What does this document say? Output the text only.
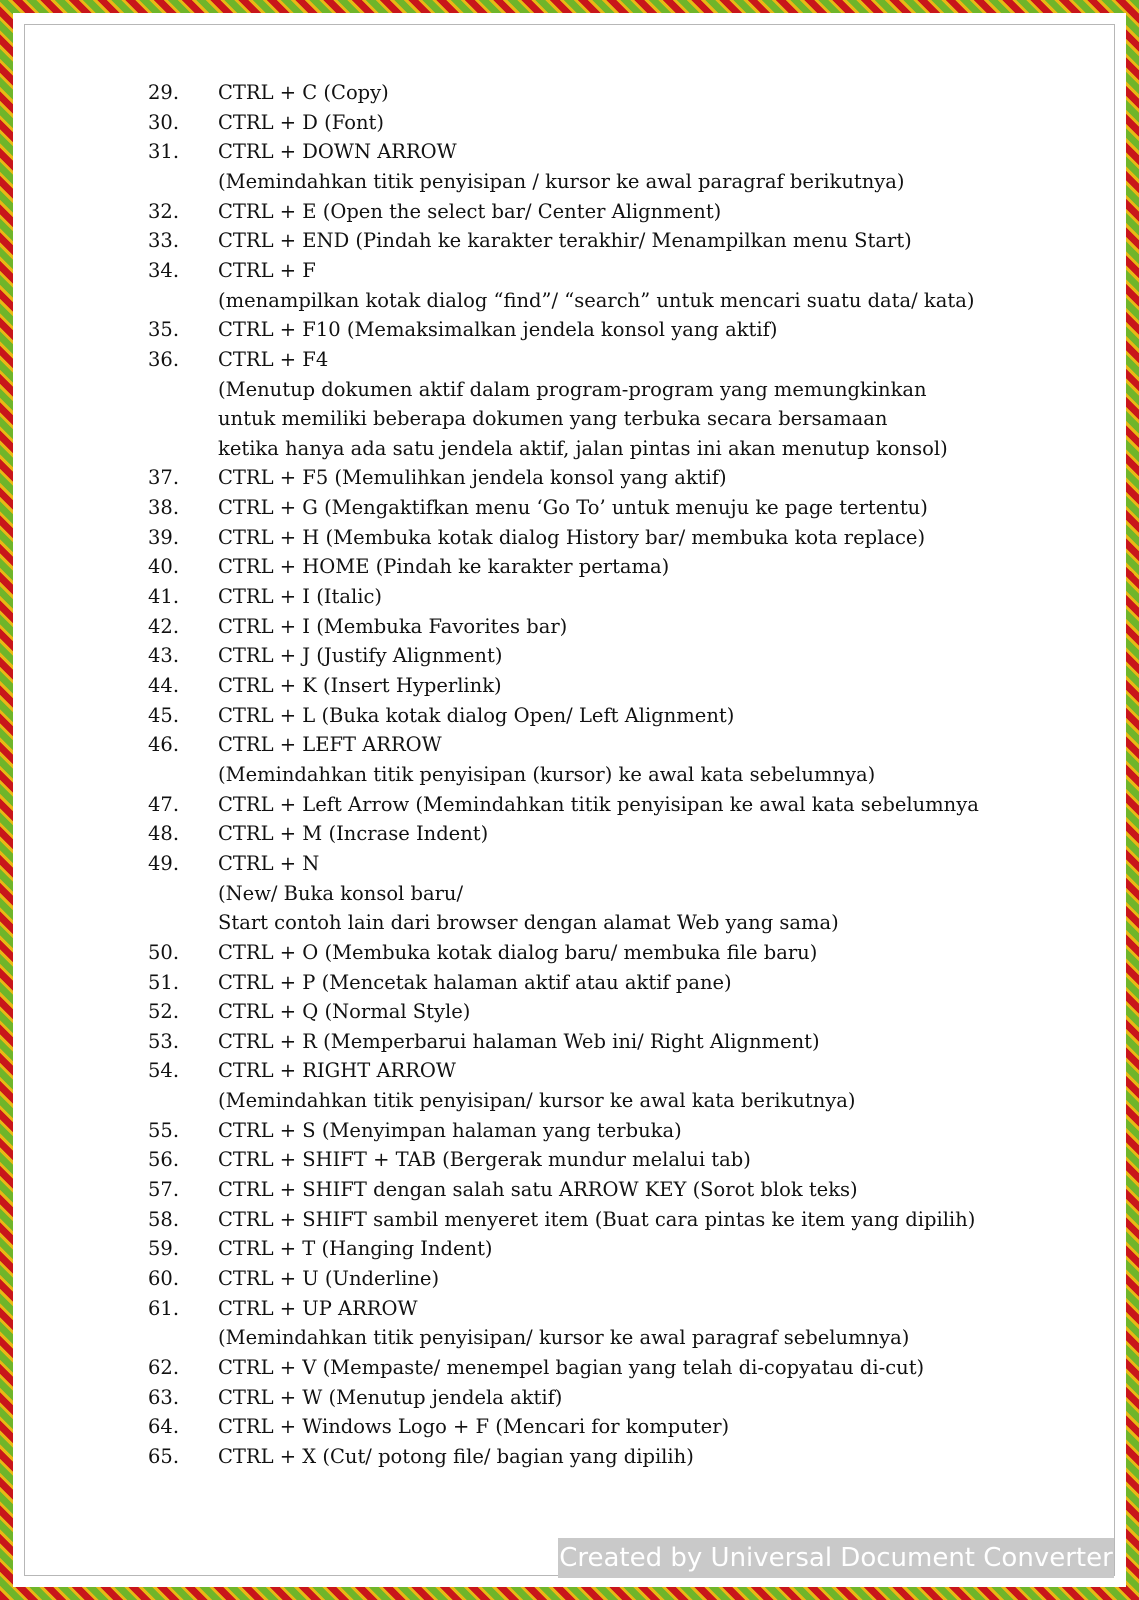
29. CTRL + C (Copy)
30. CTRL + D (Font)
31. CTRL + DOWN ARROW
(Memindahkan titik penyisipan / kursor ke awal paragraf berikutnya)
32. CTRL + E (Open the select bar/ Center Alignment)
33. CTRL + END (Pindah ke karakter terakhir/ Menampilkan menu Start)
34. CTRL + F
(menampilkan kotak dialog “find”/ “search” untuk mencari suatu data/ kata)
35. CTRL + F10 (Memaksimalkan jendela konsol yang aktif)
36. CTRL + F4
(Menutup dokumen aktif dalam program-program yang memungkinkan
untuk memiliki beberapa dokumen yang terbuka secara bersamaan
ketika hanya ada satu jendela aktif, jalan pintas ini akan menutup konsol)
37. CTRL + F5 (Memulihkan jendela konsol yang aktif)
38. CTRL + G (Mengaktifkan menu ‘Go To’ untuk menuju ke page tertentu)
39. CTRL + H (Membuka kotak dialog History bar/ membuka kota replace)
40. CTRL + HOME (Pindah ke karakter pertama)
41. CTRL + I (Italic)
42. CTRL + I (Membuka Favorites bar)
43. CTRL + J (Justify Alignment)
44. CTRL + K (Insert Hyperlink)
45. CTRL + L (Buka kotak dialog Open/ Left Alignment)
46. CTRL + LEFT ARROW
(Memindahkan titik penyisipan (kursor) ke awal kata sebelumnya)
47. CTRL + Left Arrow (Memindahkan titik penyisipan ke awal kata sebelumnya
48. CTRL + M (Incrase Indent)
49. CTRL + N
(New/ Buka konsol baru/
Start contoh lain dari browser dengan alamat Web yang sama)
50. CTRL + O (Membuka kotak dialog baru/ membuka file baru)
51. CTRL + P (Mencetak halaman aktif atau aktif pane)
52. CTRL + Q (Normal Style)
53. CTRL + R (Memperbarui halaman Web ini/ Right Alignment)
54. CTRL + RIGHT ARROW
(Memindahkan titik penyisipan/ kursor ke awal kata berikutnya)
55. CTRL + S (Menyimpan halaman yang terbuka)
56. CTRL + SHIFT + TAB (Bergerak mundur melalui tab)
57. CTRL + SHIFT dengan salah satu ARROW KEY (Sorot blok teks)
58. CTRL + SHIFT sambil menyeret item (Buat cara pintas ke item yang dipilih)
59. CTRL + T (Hanging Indent)
60. CTRL + U (Underline)
61. CTRL + UP ARROW
(Memindahkan titik penyisipan/ kursor ke awal paragraf sebelumnya)
62. CTRL + V (Mempaste/ menempel bagian yang telah di-copyatau di-cut)
63. CTRL + W (Menutup jendela aktif)
64. CTRL + Windows Logo + F (Mencari for komputer)
65. CTRL + X (Cut/ potong file/ bagian yang dipilih)
Created by Universal Document Converter
